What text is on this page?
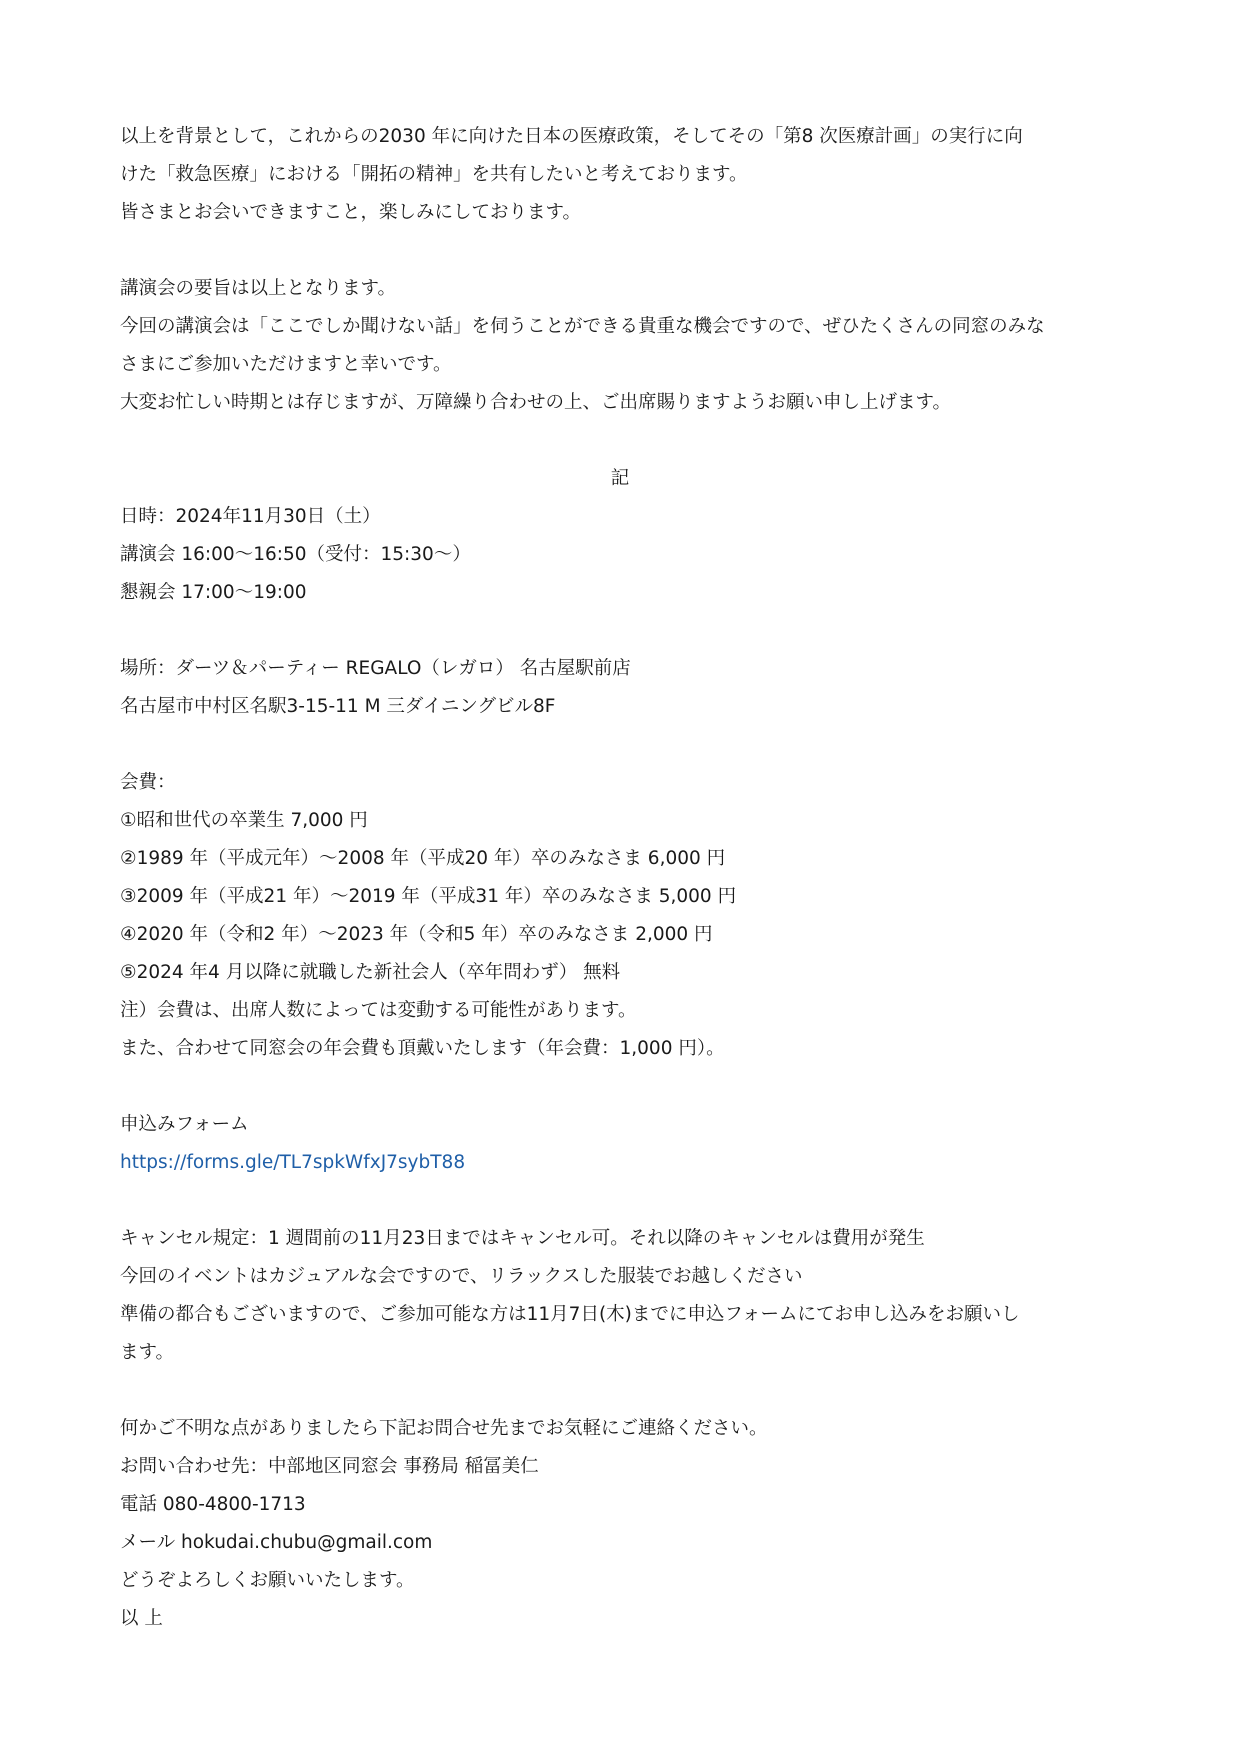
以上を背景として，これからの2030 年に向けた日本の医療政策，そしてその「第8 次医療計画」の実行に向
けた「救急医療」における「開拓の精神」を共有したいと考えております。
皆さまとお会いできますこと，楽しみにしております。
講演会の要旨は以上となります。
今回の講演会は「ここでしか聞けない話」を伺うことができる貴重な機会ですので、ぜひたくさんの同窓のみな
さまにご参加いただけますと幸いです。
大変お忙しい時期とは存じますが、万障繰り合わせの上、ご出席賜りますようお願い申し上げます。
記
日時：2024年11月30日（土）
講演会 16:00～16:50（受付：15:30～）
懇親会 17:00～19:00
場所：ダーツ＆パーティー REGALO（レガロ） 名古屋駅前店
名古屋市中村区名駅3-15-11 M 三ダイニングビル8F
会費：
①昭和世代の卒業生 7,000 円
②1989 年（平成元年）～2008 年（平成20 年）卒のみなさま 6,000 円
③2009 年（平成21 年）～2019 年（平成31 年）卒のみなさま 5,000 円
④2020 年（令和2 年）～2023 年（令和5 年）卒のみなさま 2,000 円
⑤2024 年4 月以降に就職した新社会人（卒年問わず） 無料
注）会費は、出席人数によっては変動する可能性があります。
また、合わせて同窓会の年会費も頂戴いたします（年会費：1,000 円）。
申込みフォーム
https://forms.gle/TL7spkWfxJ7sybT88
キャンセル規定：1 週間前の11月23日まではキャンセル可。それ以降のキャンセルは費用が発生
今回のイベントはカジュアルな会ですので、リラックスした服装でお越しください
準備の都合もございますので、ご参加可能な方は11月7日(木)までに申込フォームにてお申し込みをお願いし
ます。
何かご不明な点がありましたら下記お問合せ先までお気軽にご連絡ください。
お問い合わせ先：中部地区同窓会 事務局 稲冨美仁
電話 080-4800-1713
メール hokudai.chubu@gmail.com
どうぞよろしくお願いいたします。
以 上
